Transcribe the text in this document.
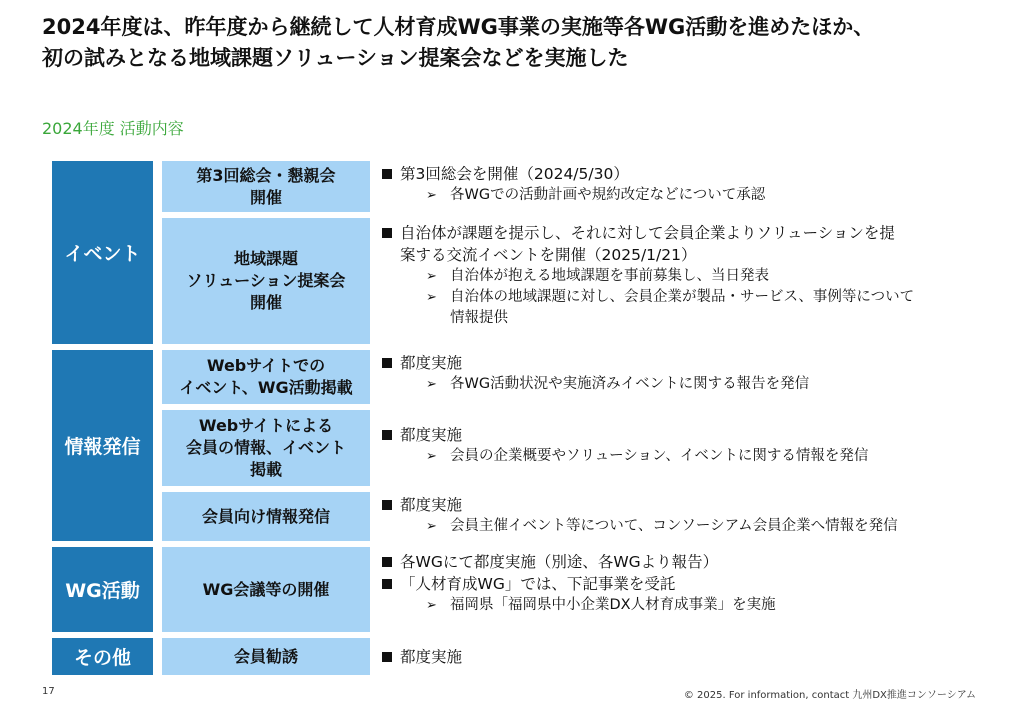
2024年度は、昨年度から継続して人材育成WG事業の実施等各WG活動を進めたほか、
初の試みとなる地域課題ソリューション提案会などを実施した
2024年度 活動内容
イベント
情報発信
WG活動
その他
第3回総会・懇親会
開催
第3回総会を開催（2024/5/30）
➢ 各WGでの活動計画や規約改定などについて承認
地域課題
ソリューション提案会
開催
自治体が課題を提示し、それに対して会員企業よりソリューションを提
案する交流イベントを開催（2025/1/21）
➢ 自治体が抱える地域課題を事前募集し、当日発表
➢ 自治体の地域課題に対し、会員企業が製品・サービス、事例等について
情報提供
Webサイトでの
イベント、WG活動掲載
都度実施
➢ 各WG活動状況や実施済みイベントに関する報告を発信
Webサイトによる
会員の情報、イベント
掲載
都度実施
➢ 会員の企業概要やソリューション、イベントに関する情報を発信
会員向け情報発信
都度実施
➢ 会員主催イベント等について、コンソーシアム会員企業へ情報を発信
WG会議等の開催
各WGにて都度実施（別途、各WGより報告）
「人材育成WG」では、下記事業を受託
➢ 福岡県「福岡県中小企業DX人材育成事業」を実施
会員勧誘	都度実施
17	© 2025. For information, contact 九州DX推進コンソーシアム
